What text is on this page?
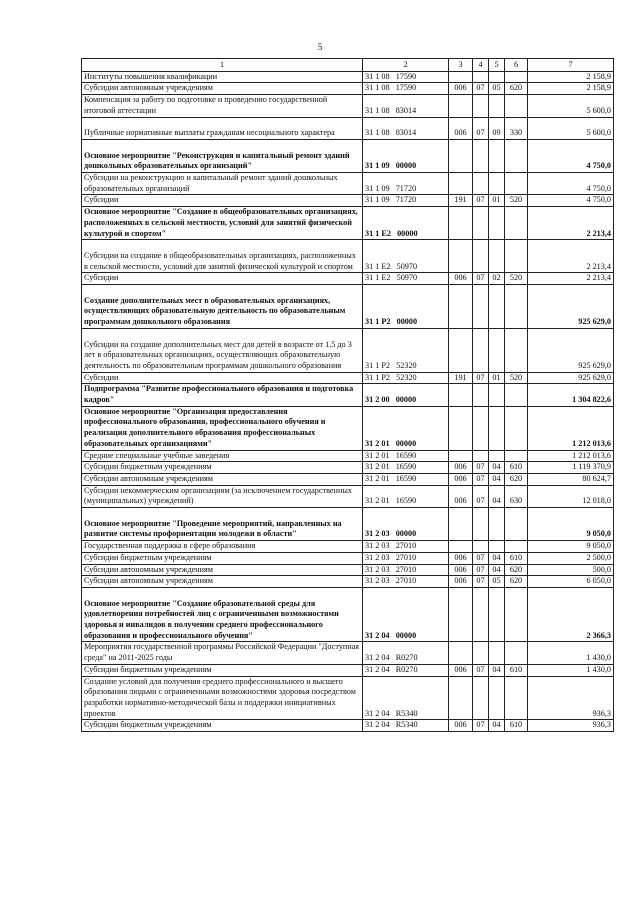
5
1	2	3	4	5	6	7
Институты повышения квалификации	31 1 08   17590					2 158,9
Субсидии автономным учреждениям	31 1 08   17590	006	07	05	620	2 158,9
Компенсация за работу по подготовке и проведению государственной итоговой аттестации	31 1 08   83014					5 600,0
Публичные нормативные выплаты гражданам несоциального характера	31 1 08   83014	006	07	09	330	5 600,0
Основное мероприятие "Реконструкция и капитальный ремонт зданий дошкольных образовательных организаций"	31 1 09   00000					4 750,0
Субсидии на реконструкцию и капитальный ремонт зданий дошкольных образовательных организаций	31 1 09   71720					4 750,0
Субсидии	31 1 09   71720	191	07	01	520	4 750,0
Основное мероприятие "Создание в общеобразовательных организациях, расположенных в сельской местности, условий для занятий физической культурой и спортом"	31 1 E2   00000					2 213,4
Субсидии на создание в общеобразовательных организациях, расположенных в сельской местности, условий для занятий физической культурой и спортом	31 1 E2   50970					2 213,4
Субсидии	31 1 E2   50970	006	07	02	520	2 213,4
Создание дополнительных мест в образовательных организациях, осуществляющих образовательную деятельность по образовательным программам дошкольного образования	31 1 P2   00000					925 629,0
Субсидии на создание дополнительных мест для детей в возрасте от 1,5 до 3 лет в образовательных организациях, осуществляющих образовательную деятельность по образовательным программам дошкольного образования	31 1 P2   52320					925 629,0
Субсидии	31 1 P2   52320	191	07	01	520	925 629,0
Подпрограмма "Развитие профессионального образования и подготовка кадров"	31 2 00   00000					1 304 822,6
Основное мероприятие "Организация предоставления профессионального образования, профессионального обучения и реализация дополнительного образования профессиональных образовательных организациями"	31 2 01   00000					1 212 013,6
Средние специальные учебные заведения	31 2 01   16590					1 212 013,6
Субсидии бюджетным учреждениям	31 2 01   16590	006	07	04	610	1 119 370,9
Субсидии автономным учреждениям	31 2 01   16590	006	07	04	620	80 624,7
Субсидии некоммерческим организациям (за исключением государственных (муниципальных) учреждений)	31 2 01   16590	006	07	04	630	12 018,0
Основное мероприятие "Проведение мероприятий, направленных на развитие системы профориентации молодежи в области"	31 2 03   00000					9 050,0
Государственная поддержка в сфере образования	31 2 03   27010					9 050,0
Субсидии бюджетным учреждениям	31 2 03   27010	006	07	04	610	2 500,0
Субсидии автономным учреждениям	31 2 03   27010	006	07	04	620	500,0
Субсидии автономным учреждениям	31 2 03   27010	006	07	05	620	6 050,0
Основное мероприятие "Создание образовательной среды для удовлетворения потребностей лиц с ограниченными возможностями здоровья и инвалидов в получении среднего профессионального образования и профессионального обучения"	31 2 04   00000					2 366,3
Мероприятия государственной программы Российской Федерации "Доступная среда" на 2011-2025 годы	31 2 04   R0270					1 430,0
Субсидии бюджетным учреждениям	31 2 04   R0270	006	07	04	610	1 430,0
Создание условий для получения среднего профессионального и высшего образования людьми с ограниченными возможностями здоровья посредством разработки нормативно-методической базы и поддержки инициативных проектов	31 2 04   R5340					936,3
Субсидии бюджетным учреждениям	31 2 04   R5340	006	07	04	610	936,3
